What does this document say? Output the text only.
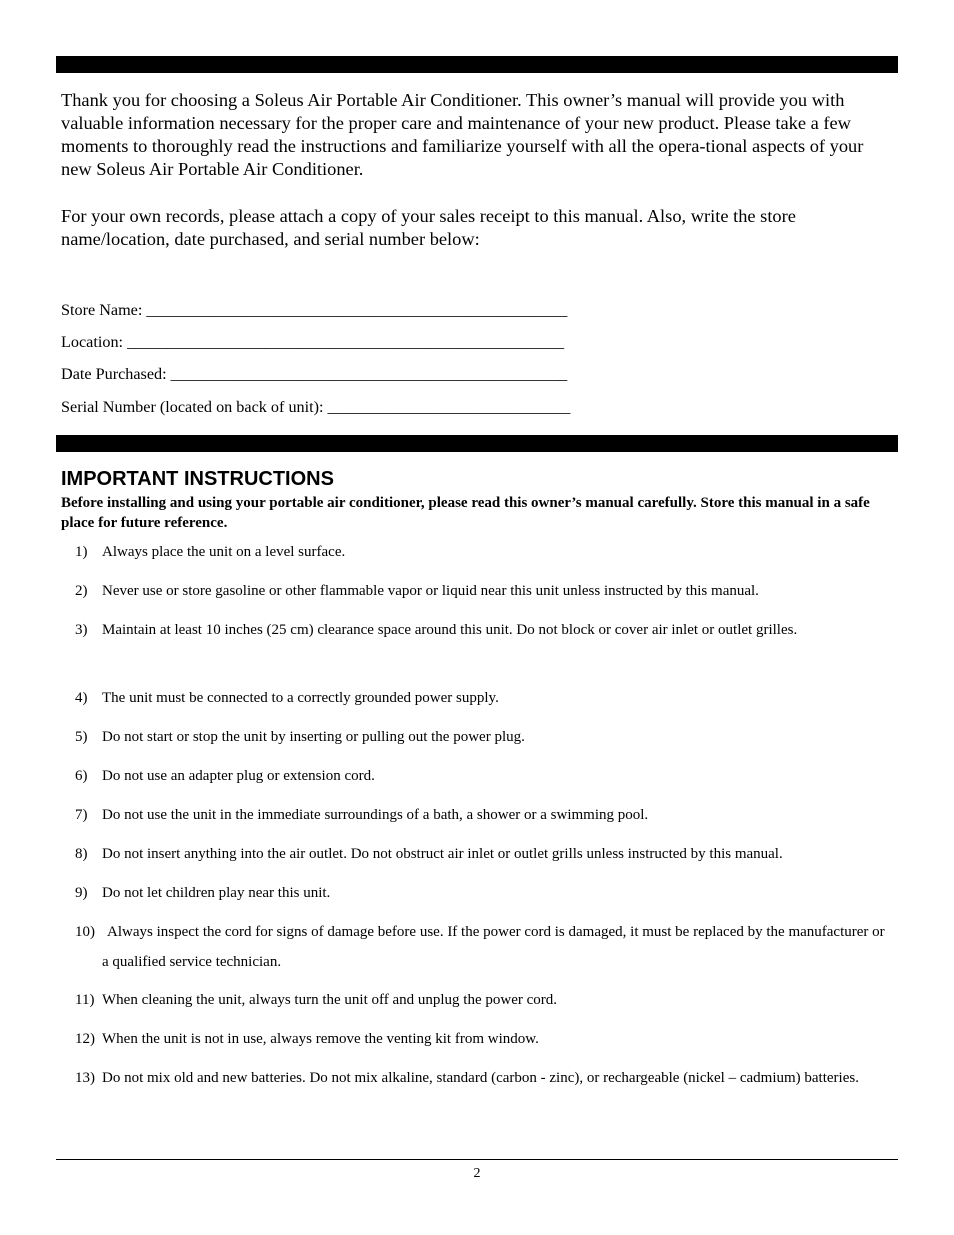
Thank you for choosing a Soleus Air Portable Air Conditioner. This owner’s manual will provide you with valuable information necessary for the proper care and maintenance of your new product. Please take a few moments to thoroughly read the instructions and familiarize yourself with all the opera-tional aspects of your new Soleus Air Portable Air Conditioner.

For your own records, please attach a copy of your sales receipt to this manual. Also, write the store name/location, date purchased, and serial number below:

Store Name: ____________________________________________________
Location: ______________________________________________________
Date Purchased: _________________________________________________
Serial Number (located on back of unit): ______________________________
IMPORTANT INSTRUCTIONS

Before installing and using your portable air conditioner, please read this owner’s manual carefully. Store this manual in a safe place for future reference.

1) Always place the unit on a level surface.
2) Never use or store gasoline or other flammable vapor or liquid near this unit unless instructed by this manual.
3) Maintain at least 10 inches (25 cm) clearance space around this unit. Do not block or cover air inlet or outlet grilles.
4) The unit must be connected to a correctly grounded power supply.
5) Do not start or stop the unit by inserting or pulling out the power plug.
6) Do not use an adapter plug or extension cord.
7) Do not use the unit in the immediate surroundings of a bath, a shower or a swimming pool.
8) Do not insert anything into the air outlet. Do not obstruct air inlet or outlet grills unless instructed by this manual.
9) Do not let children play near this unit.
10) Always inspect the cord for signs of damage before use. If the power cord is damaged, it must be replaced by the manufacturer or a qualified service technician.
11) When cleaning the unit, always turn the unit off and unplug the power cord.
12) When the unit is not in use, always remove the venting kit from window.
13) Do not mix old and new batteries. Do not mix alkaline, standard (carbon - zinc), or rechargeable (nickel – cadmium) batteries.
2
